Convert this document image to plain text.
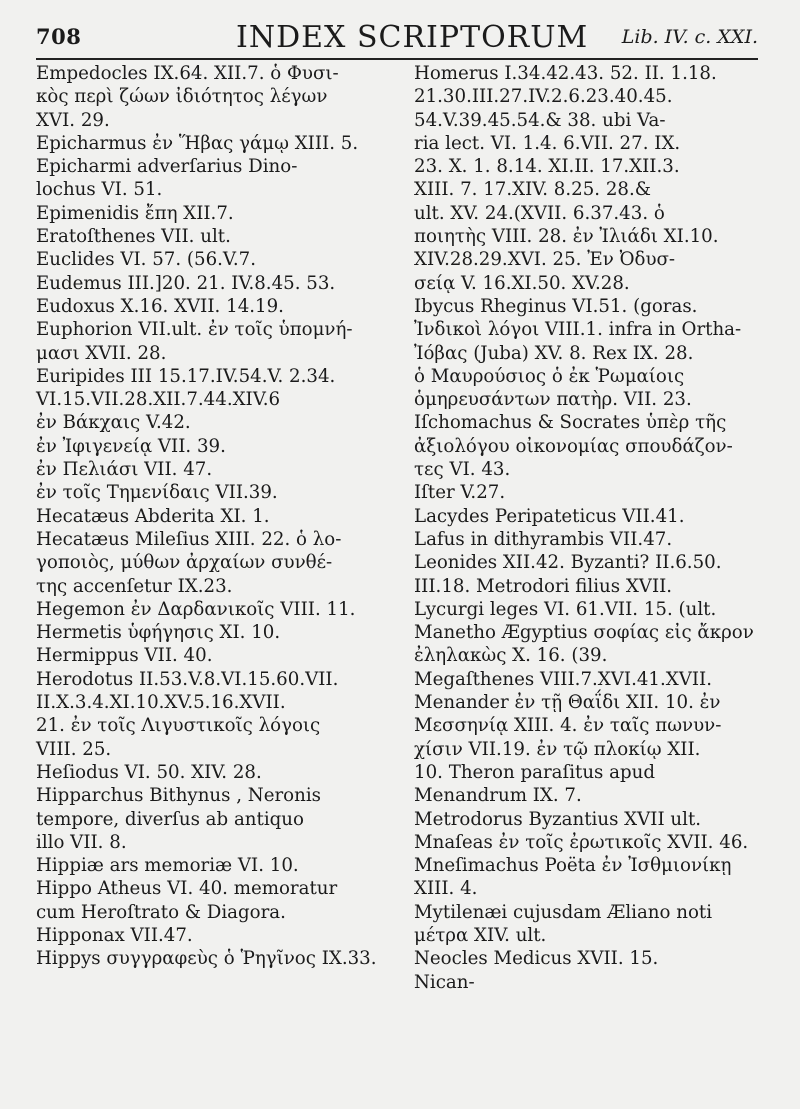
708	INDEX SCRIPTORUM Lib. IV. c. XXI.
Empedocles IX.64. XII.7. ὁ Φυσι-
κὸς περὶ ζώων ἰδιότητος λέγων
XVI. 29.
Epicharmus ἐν Ἥβας γάμῳ XIII. 5.
Epicharmi adverſarius Dino-
lochus VI. 51.
Epimenidis ἔπη XII.7.
Eratoſthenes VII. ult.
Euclides VI. 57. (56.V.7.
Eudemus III.]20. 21. IV.8.45. 53.
Eudoxus X.16. XVII. 14.19.
Euphorion VII.ult. ἐν τοῖς ὑπομνή-
μασι XVII. 28.
Euripides III 15.17.IV.54.V. 2.34.
VI.15.VII.28.XII.7.44.XIV.6
ἐν Βάκχαις V.42.
ἐν Ἰφιγενείᾳ VII. 39.
ἐν Πελιάσι VII. 47.
ἐν τοῖς Τημενίδαις VII.39.
Hecatæus Abderita XI. 1.
Hecatæus Mileſius XIII. 22. ὁ λο-
γοποιὸς, μύθων ἀρχαίων συνθέ-
της accenſetur IX.23.
Hegemon ἐν Δαρδανικοῖς VIII. 11.
Hermetis ὑφήγησις XI. 10.
Hermippus VII. 40.
Herodotus II.53.V.8.VI.15.60.VII.
II.X.3.4.XI.10.XV.5.16.XVII.
21. ἐν τοῖς Λιγυστικοῖς λόγοις
VIII. 25.
Heſiodus VI. 50. XIV. 28.
Hipparchus Bithynus , Neronis
tempore, diverſus ab antiquo
illo VII. 8.
Hippiæ ars memoriæ VI. 10.
Hippo Atheus VI. 40. memoratur
cum Heroſtrato & Diagora.
Hipponax VII.47.
Hippys συγγραφεὺς ὁ Ῥηγῖνος IX.33.
Homerus I.34.42.43. 52. II. 1.18.
21.30.III.27.IV.2.6.23.40.45.
54.V.39.45.54.& 38. ubi Va-
ria lect. VI. 1.4. 6.VII. 27. IX.
23. X. 1. 8.14. XI.II. 17.XII.3.
XIII. 7. 17.XIV. 8.25. 28.&
ult. XV. 24.(XVII. 6.37.43. ὁ
ποιητὴς VIII. 28. ἐν Ἰλιάδι XI.10.
XIV.28.29.XVI. 25. Ἐν Ὀδυσ-
σείᾳ V. 16.XI.50. XV.28.
Ibycus Rheginus VI.51. (goras.
Ἰνδικοὶ λόγοι VIII.1. infra in Ortha-
Ἰόβας (Juba) XV. 8. Rex IX. 28.
ὁ Μαυρούσιος ὁ ἐκ Ῥωμαίοις
ὁμηρευσάντων πατὴρ. VII. 23.
Iſchomachus & Socrates ὑπὲρ τῆς
ἀξιολόγου οἰκονομίας σπουδάζον-
τες VI. 43.
Iſter V.27.
Lacydes Peripateticus VII.41.
Lafus in dithyrambis VII.47.
Leonides XII.42. Byzanti? II.6.50.
III.18. Metrodori filius XVII.
Lycurgi leges VI. 61.VII. 15. (ult.
Manetho Ægyptius σοφίας εἰς ἄκρον
ἐληλακὼς X. 16. (39.
Megaſthenes VIII.7.XVI.41.XVII.
Menander ἐν τῇ Θαΐδι XII. 10. ἐν
Μεσσηνίᾳ XIII. 4. ἐν ταῖς πωνυν-
χίσιν VII.19. ἐν τῷ πλοκίῳ XII.
10. Theron paraſitus apud
Menandrum IX. 7.
Metrodorus Byzantius XVII ult.
Mnaſeas ἐν τοῖς ἐρωτικοῖς XVII. 46.
Mneſimachus Poëta ἐν Ἰσθμιονίκῃ
XIII. 4.
Mytilenæi cujusdam Æliano noti
μέτρα XIV. ult.
Neocles Medicus XVII. 15.
Nican-
